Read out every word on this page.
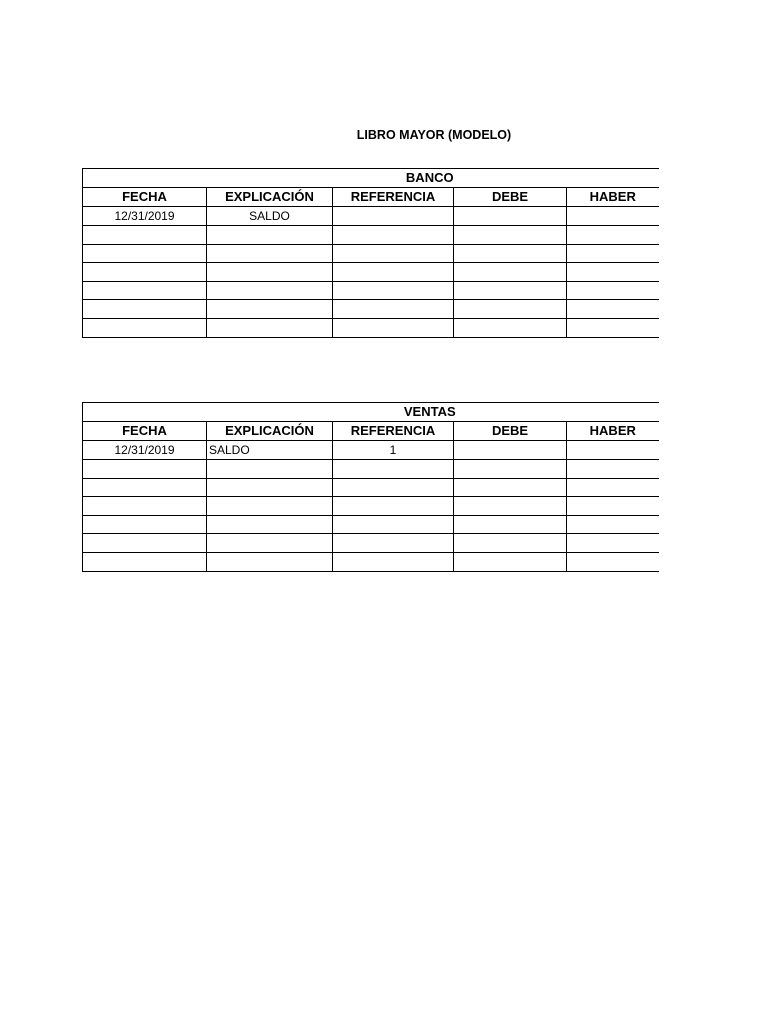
LIBRO MAYOR (MODELO)
BANCO				
FECHA	EXPLICACIÓN	REFERENCIA	DEBE	HABER
12/31/2019	SALDO			

VENTAS				
FECHA	EXPLICACIÓN	REFERENCIA	DEBE	HABER
12/31/2019	SALDO	1		
